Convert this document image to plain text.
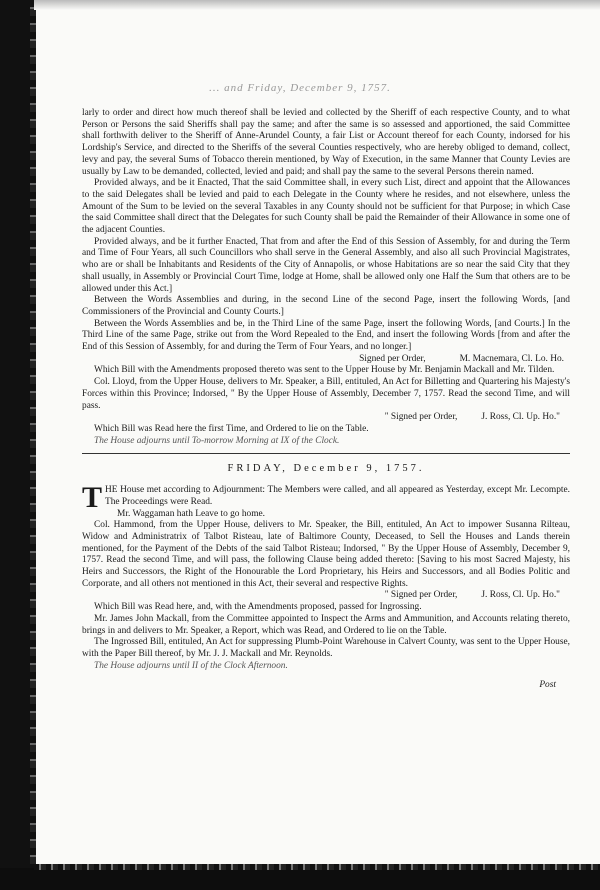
... and Friday, December 9, 1757.

larly to order and direct how much thereof shall be levied and collected by the Sheriff of each respective County, and to what Person or Persons the said Sheriffs shall pay the same; and after the same is so assessed and apportioned, the said Committee shall forthwith deliver to the Sheriff of Anne-Arundel County, a fair List or Account thereof for each County, indorsed for his Lordship's Service, and directed to the Sheriffs of the several Counties respectively, who are hereby obliged to demand, collect, levy and pay, the several Sums of Tobacco therein mentioned, by Way of Execution, in the same Manner that County Levies are usually by Law to be demanded, collected, levied and paid; and shall pay the same to the several Persons therein named.

Provided always, and be it Enacted, That the said Committee shall, in every such List, direct and appoint that the Allowances to the said Delegates shall be levied and paid to each Delegate in the County where he resides, and not elsewhere, unless the Amount of the Sum to be levied on the several Taxables in any County should not be sufficient for that Purpose; in which Case the said Committee shall direct that the Delegates for such County shall be paid the Remainder of their Allowance in some one of the adjacent Counties.

Provided always, and be it further Enacted, That from and after the End of this Session of Assembly, for and during the Term and Time of Four Years, all such Councillors who shall serve in the General Assembly, and also all such Provincial Magistrates, who are or shall be Inhabitants and Residents of the City of Annapolis, or whose Habitations are so near the said City that they shall usually, in Assembly or Provincial Court Time, lodge at Home, shall be allowed only one Half the Sum that others are to be allowed under this Act.]

Between the Words Assemblies and during, in the second Line of the second Page, insert the following Words, [and Commissioners of the Provincial and County Courts.]

Between the Words Assemblies and be, in the Third Line of the same Page, insert the following Words, [and Courts.] In the Third Line of the same Page, strike out from the Word Repealed to the End, and insert the following Words [from and after the End of this Session of Assembly, for and during the Term of Four Years, and no longer.]

Signed per Order,	M. Macnemara, Cl. Lo. Ho.

Which Bill with the Amendments proposed thereto was sent to the Upper House by Mr. Benjamin Mackall and Mr. Tilden.

Col. Lloyd, from the Upper House, delivers to Mr. Speaker, a Bill, entituled, An Act for Billetting and Quartering his Majesty's Forces within this Province; Indorsed, " By the Upper House of Assembly, December 7, 1757. Read the second Time, and will pass.

" Signed per Order,	J. Ross, Cl. Up. Ho."

Which Bill was Read here the first Time, and Ordered to lie on the Table.

The House adjourns until To-morrow Morning at IX of the Clock.

FRIDAY, December 9, 1757.

THE House met according to Adjournment: The Members were called, and all appeared as Yesterday, except Mr. Lecompte. The Proceedings were Read.

Mr. Waggaman hath Leave to go home.

Col. Hammond, from the Upper House, delivers to Mr. Speaker, the Bill, entituled, An Act to impower Susanna Rilteau, Widow and Administratrix of Talbot Risteau, late of Baltimore County, Deceased, to Sell the Houses and Lands therein mentioned, for the Payment of the Debts of the said Talbot Risteau; Indorsed, " By the Upper House of Assembly, December 9, 1757. Read the second Time, and will pass, the following Clause being added thereto: [Saving to his most Sacred Majesty, his Heirs and Successors, the Right of the Honourable the Lord Proprietary, his Heirs and Successors, and all Bodies Politic and Corporate, and all others not mentioned in this Act, their several and respective Rights.

" Signed per Order,	J. Ross, Cl. Up. Ho."

Which Bill was Read here, and, with the Amendments proposed, passed for Ingrossing.

Mr. James John Mackall, from the Committee appointed to Inspect the Arms and Ammunition, and Accounts relating thereto, brings in and delivers to Mr. Speaker, a Report, which was Read, and Ordered to lie on the Table.

The Ingrossed Bill, entituled, An Act for suppressing Plumb-Point Warehouse in Calvert County, was sent to the Upper House, with the Paper Bill thereof, by Mr. J. J. Mackall and Mr. Reynolds.

The House adjourns until II of the Clock Afternoon.

Post
